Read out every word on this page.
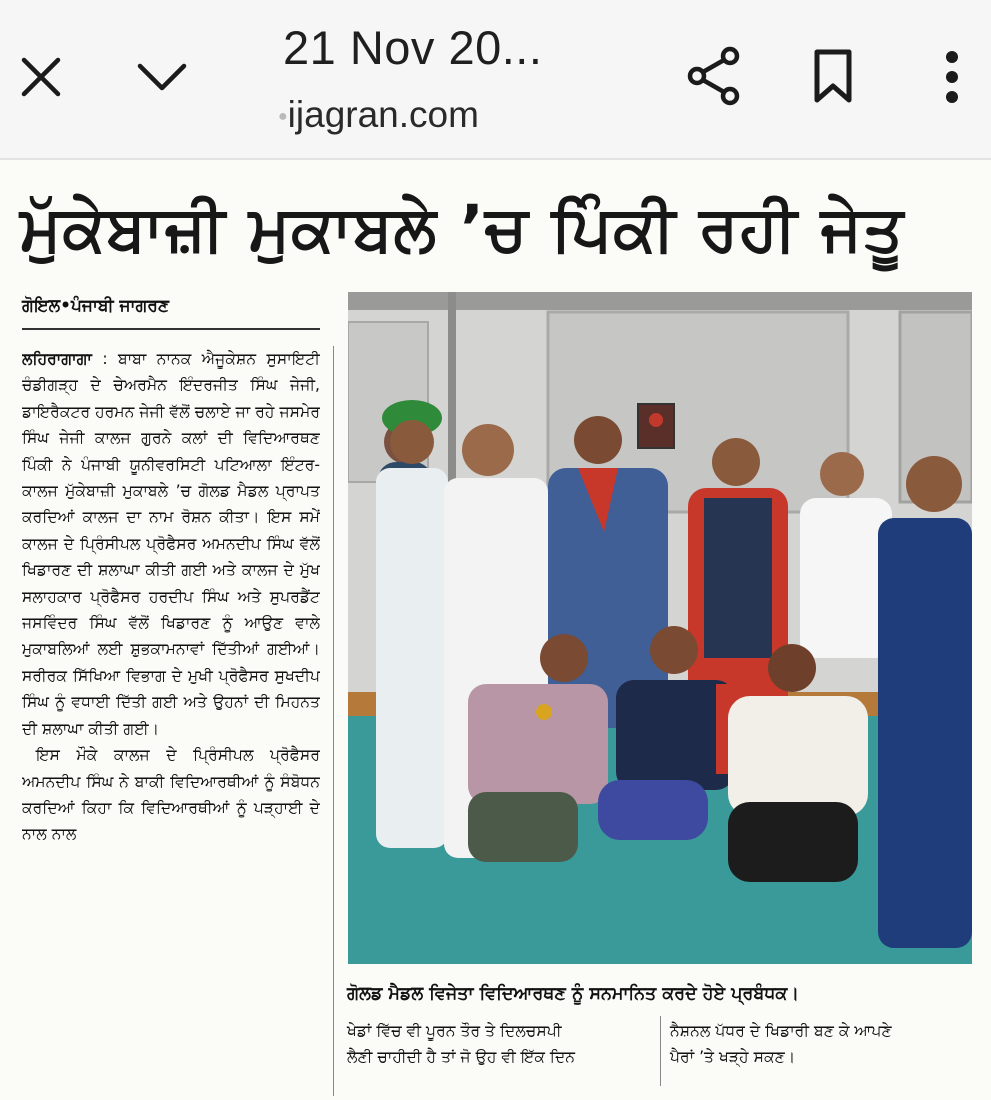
21 Nov 20...
●ijagran.com
ਮੁੱਕੇਬਾਜ਼ੀ ਮੁਕਾਬਲੇ ’ਚ ਪਿੰਕੀ ਰਹੀ ਜੇਤੂ
ਗੋਇਲ•ਪੰਜਾਬੀ ਜਾਗਰਣ

ਲਹਿਰਾਗਾਗਾ : ਬਾਬਾ ਨਾਨਕ ਐਜੂਕੇਸ਼ਨ ਸੁਸਾਇਟੀ ਚੰਡੀਗੜ੍ਹ ਦੇ ਚੇਅਰਮੈਨ ਇੰਦਰਜੀਤ ਸਿੰਘ ਜੇਜੀ, ਡਾਇਰੈਕਟਰ ਹਰਮਨ ਜੇਜੀ ਵੱਲੋਂ ਚਲਾਏ ਜਾ ਰਹੇ ਜਸਮੇਰ ਸਿੰਘ ਜੇਜੀ ਕਾਲਜ ਗੁਰਨੇ ਕਲਾਂ ਦੀ ਵਿਦਿਆਰਥਣ ਪਿੰਕੀ ਨੇ ਪੰਜਾਬੀ ਯੂਨੀਵਰਸਿਟੀ ਪਟਿਆਲਾ ਇੰਟਰ-ਕਾਲਜ ਮੁੱਕੇਬਾਜ਼ੀ ਮੁਕਾਬਲੇ ’ਚ ਗੋਲਡ ਮੈਡਲ ਪ੍ਰਾਪਤ ਕਰਦਿਆਂ ਕਾਲਜ ਦਾ ਨਾਮ ਰੋਸ਼ਨ ਕੀਤਾ। ਇਸ ਸਮੇਂ ਕਾਲਜ ਦੇ ਪ੍ਰਿੰਸੀਪਲ ਪ੍ਰੋਫੈਸਰ ਅਮਨਦੀਪ ਸਿੰਘ ਵੱਲੋਂ ਖਿਡਾਰਣ ਦੀ ਸ਼ਲਾਘਾ ਕੀਤੀ ਗਈ ਅਤੇ ਕਾਲਜ ਦੇ ਮੁੱਖ ਸਲਾਹਕਾਰ ਪ੍ਰੋਫੈਸਰ ਹਰਦੀਪ ਸਿੰਘ ਅਤੇ ਸੁਪਰਡੈਂਟ ਜਸਵਿੰਦਰ ਸਿੰਘ ਵੱਲੋਂ ਖਿਡਾਰਣ ਨੂੰ ਆਉਣ ਵਾਲੇ ਮੁਕਾਬਲਿਆਂ ਲਈ ਸ਼ੁਭਕਾਮਨਾਵਾਂ ਦਿੱਤੀਆਂ ਗਈਆਂ। ਸਰੀਰਕ ਸਿੱਖਿਆ ਵਿਭਾਗ ਦੇ ਮੁਖੀ ਪ੍ਰੋਫੈਸਰ ਸੁਖਦੀਪ ਸਿੰਘ ਨੂੰ ਵਧਾਈ ਦਿੱਤੀ ਗਈ ਅਤੇ ਉਹਨਾਂ ਦੀ ਮਿਹਨਤ ਦੀ ਸ਼ਲਾਘਾ ਕੀਤੀ ਗਈ।

ਇਸ ਮੌਕੇ ਕਾਲਜ ਦੇ ਪ੍ਰਿੰਸੀਪਲ ਪ੍ਰੋਫੈਸਰ ਅਮਨਦੀਪ ਸਿੰਘ ਨੇ ਬਾਕੀ ਵਿਦਿਆਰਥੀਆਂ ਨੂੰ ਸੰਬੋਧਨ ਕਰਦਿਆਂ ਕਿਹਾ ਕਿ ਵਿਦਿਆਰਥੀਆਂ ਨੂੰ ਪੜ੍ਹਾਈ ਦੇ ਨਾਲ ਨਾਲ

ਗੋਲਡ ਮੈਡਲ ਵਿਜੇਤਾ ਵਿਦਿਆਰਥਣ ਨੂੰ ਸਨਮਾਨਿਤ ਕਰਦੇ ਹੋਏ ਪ੍ਰਬੰਧਕ।
ਖੇਡਾਂ ਵਿੱਚ ਵੀ ਪੂਰਨ ਤੌਰ ਤੇ ਦਿਲਚਸਪੀ
ਲੈਣੀ ਚਾਹੀਦੀ ਹੈ ਤਾਂ ਜੋ ਉਹ ਵੀ ਇੱਕ ਦਿਨ
ਨੈਸ਼ਨਲ ਪੱਧਰ ਦੇ ਖਿਡਾਰੀ ਬਣ ਕੇ ਆਪਣੇ
ਪੈਰਾਂ ’ਤੇ ਖੜ੍ਹੇ ਸਕਣ।
